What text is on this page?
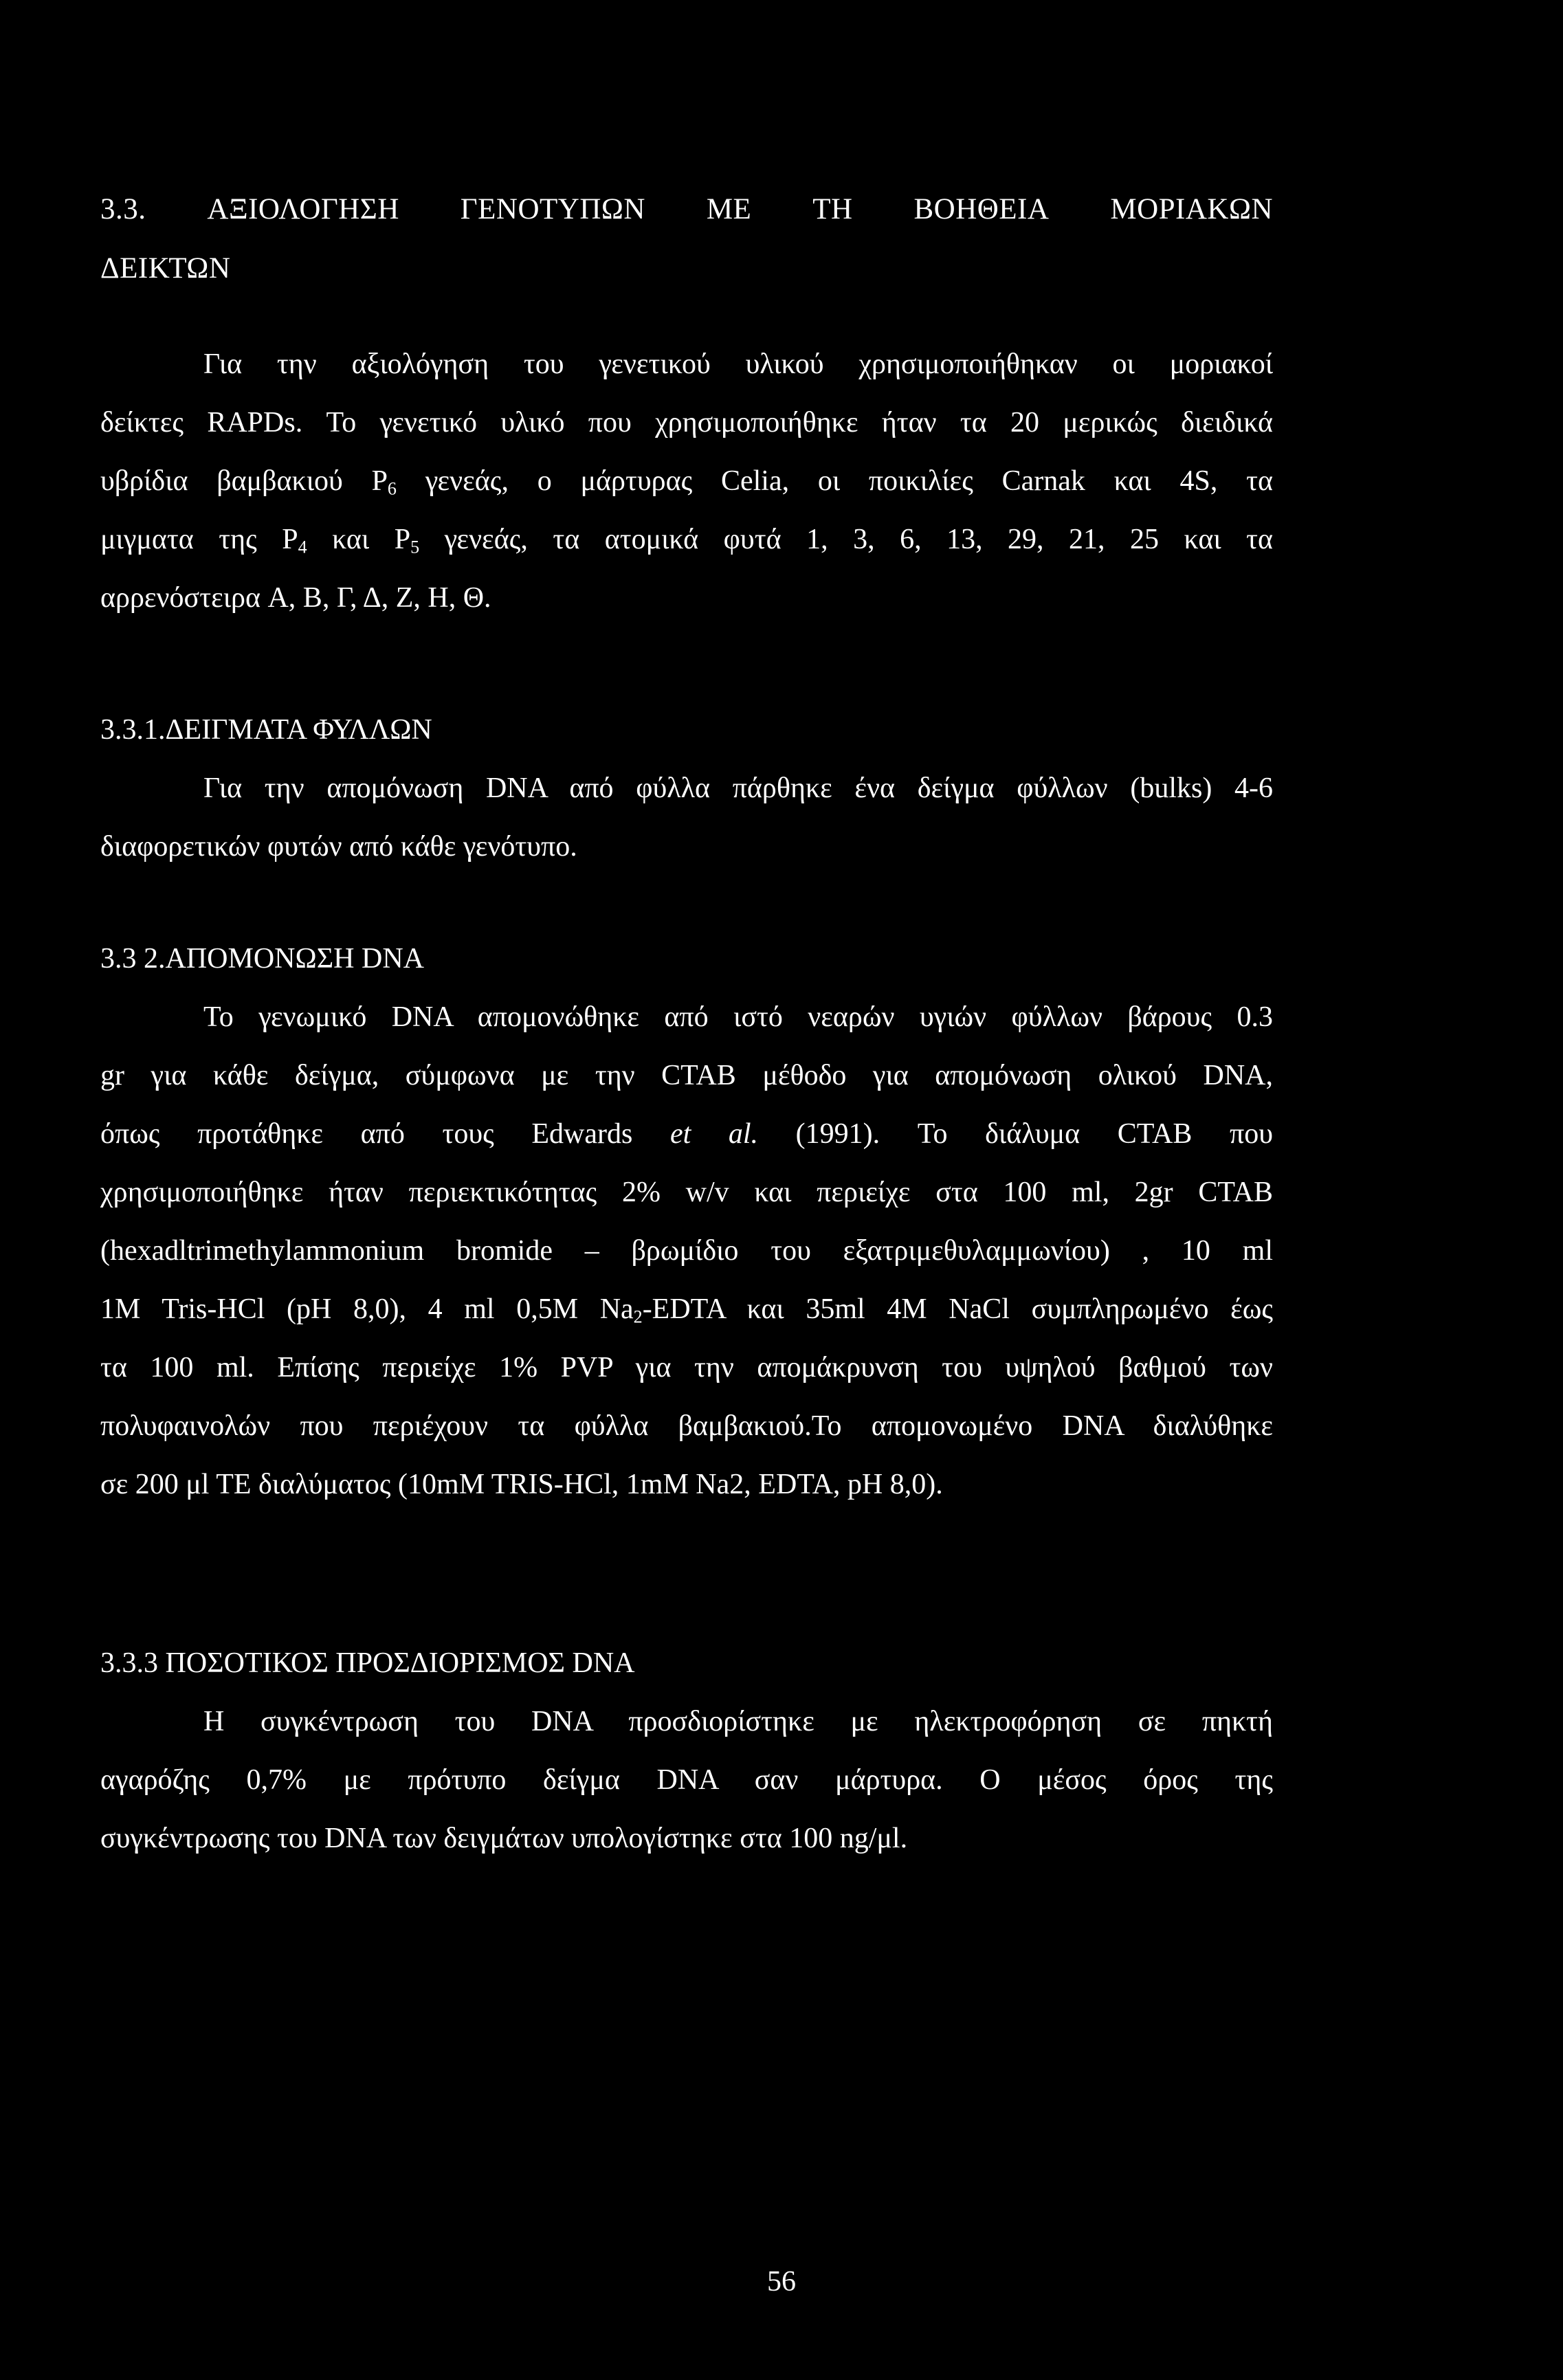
3.3. ΑΞΙΟΛΟΓΗΣΗ ΓΕΝΟΤΥΠΩΝ ΜΕ ΤΗ ΒΟΗΘΕΙΑ ΜΟΡΙΑΚΩΝ
ΔΕΙΚΤΩΝ
Για την αξιολόγηση του γενετικού υλικού χρησιμοποιήθηκαν οι μοριακοί
δείκτες RAPDs. Το γενετικό υλικό που χρησιμοποιήθηκε ήταν τα 20 μερικώς διειδικά
υβρίδια βαμβακιού $P_6$ γενεάς, ο μάρτυρας Celia, οι ποικιλίες Carnak και 4S, τα
μιγματα της $P_4$ και $P_5$ γενεάς, τα ατομικά φυτά 1, 3, 6, 13, 29, 21, 25 και τα
αρρενόστειρα A, B, Γ, Δ, Z, H, Θ.
3.3.1.ΔΕΙΓΜΑΤΑ ΦΥΛΛΩΝ
Για την απομόνωση DNA από φύλλα πάρθηκε ένα δείγμα φύλλων (bulks) 4-6
διαφορετικών φυτών από κάθε γενότυπο.
3.3 2.ΑΠΟΜΟΝΩΣΗ DNA
Το γενωμικό DNA απομονώθηκε από ιστό νεαρών υγιών φύλλων βάρους 0.3
gr για κάθε δείγμα, σύμφωνα με την CTAB μέθοδο για απομόνωση ολικού DNA,
όπως προτάθηκε από τους Edwards et al. (1991). Το διάλυμα CTAB που
χρησιμοποιήθηκε ήταν περιεκτικότητας 2% w/v και περιείχε στα 100 ml, 2gr CTAB
(hexadltrimethylammonium bromide – βρωμίδιο του εξατριμεθυλαμμωνίου) , 10 ml
1M Tris-HCl (pH 8,0), 4 ml 0,5M $Na_2$-EDTA και 35ml 4M NaCl συμπληρωμένο έως
τα 100 ml. Επίσης περιείχε 1% PVP για την απομάκρυνση του υψηλού βαθμού των
πολυφαινολών που περιέχουν τα φύλλα βαμβακιού.Το απομονωμένο DNA διαλύθηκε
σε 200 μl TE διαλύματος (10mM TRIS-HCl, 1mM Na2, EDTA, pH 8,0).
3.3.3 ΠΟΣΟΤΙΚΟΣ ΠΡΟΣΔΙΟΡΙΣΜΟΣ DNA
Η συγκέντρωση του DNA προσδιορίστηκε με ηλεκτροφόρηση σε πηκτή
αγαρόζης 0,7% με πρότυπο δείγμα DNA σαν μάρτυρα. Ο μέσος όρος της
συγκέντρωσης του DNA των δειγμάτων υπολογίστηκε στα 100 ng/μl.
56
